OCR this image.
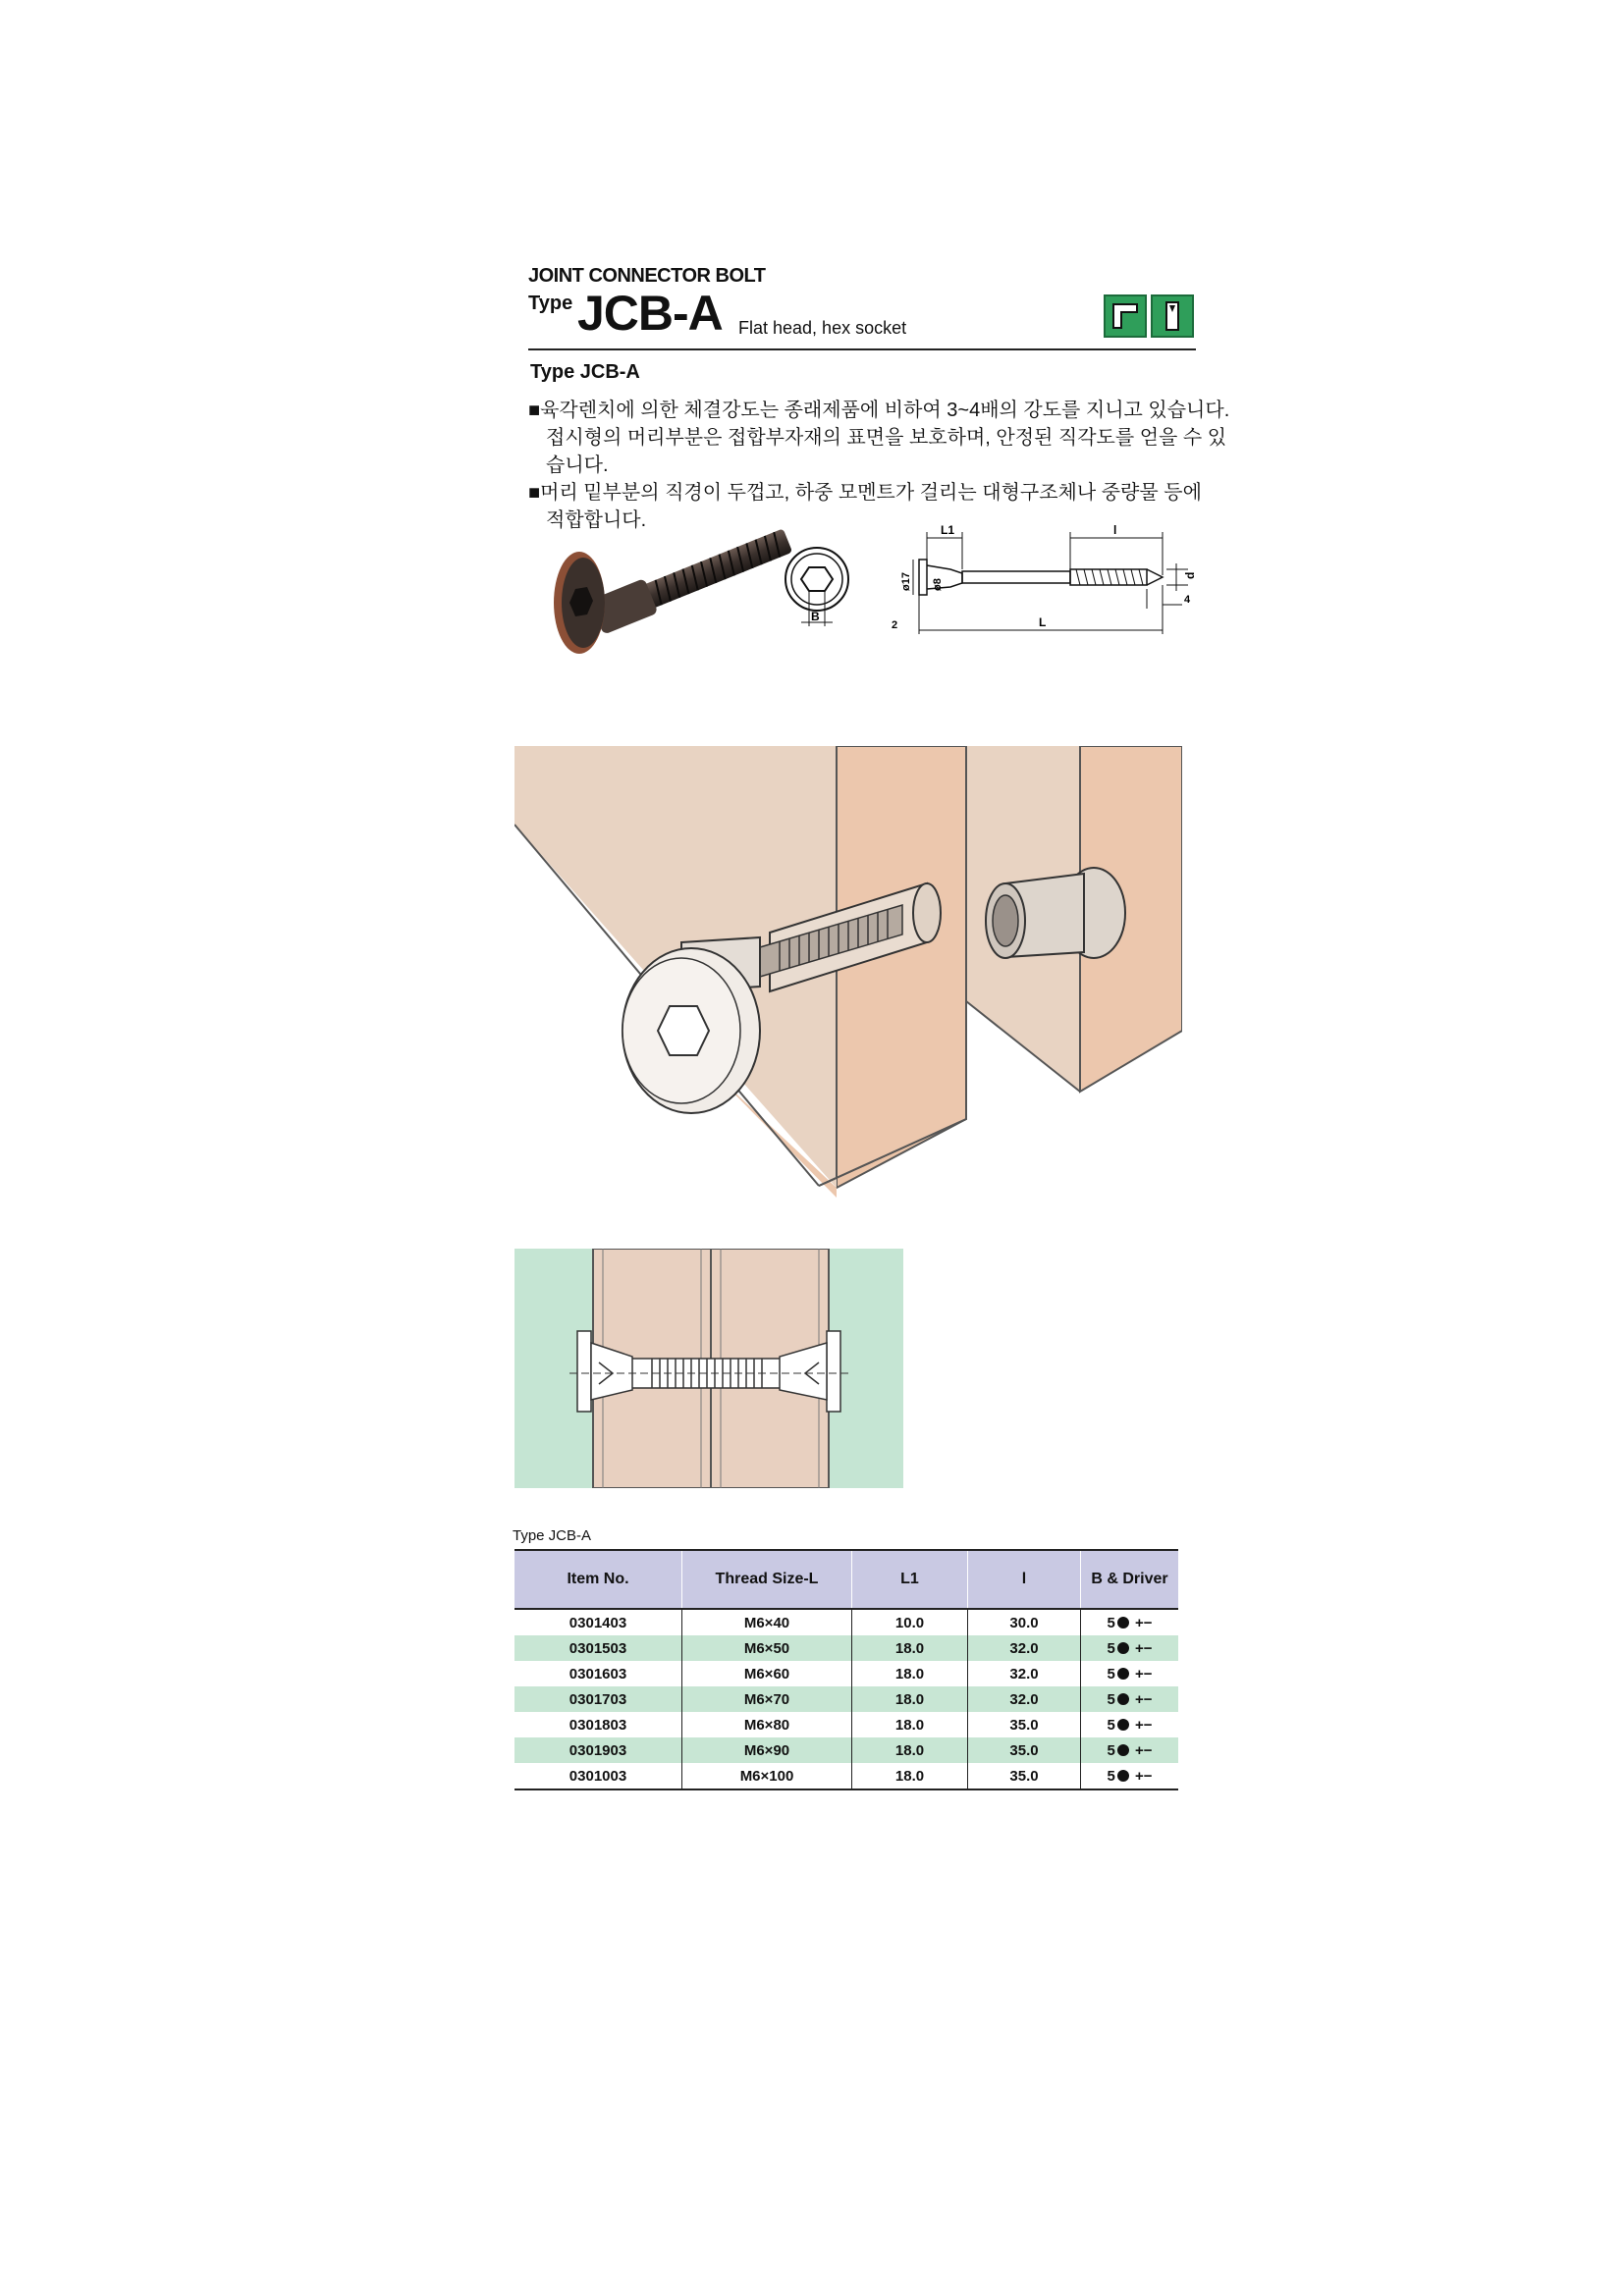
JOINT CONNECTOR BOLT
Type JCB-A Flat head, hex socket
Type JCB-A

■육각렌치에 의한 체결강도는 종래제품에 비하여 3~4배의 강도를 지니고 있습니다.

접시형의 머리부분은 접합부자재의 표면을 보호하며, 안정된 직각도를 얻을 수 있습니다.

■머리 밑부분의 직경이 두껍고, 하중 모멘트가 걸리는 대형구조체나 중량물 등에

적합합니다.

B
L1	l
L
ø17 ø8
d
4
2
Type JCB-A
Item No.	Thread Size-L	L1	l	B & Driver
0301403	M6×40	10.0	30.0	5 +−
0301503	M6×50	18.0	32.0	5 +−
0301603	M6×60	18.0	32.0	5 +−
0301703	M6×70	18.0	32.0	5 +−
0301803	M6×80	18.0	35.0	5 +−
0301903	M6×90	18.0	35.0	5 +−
0301003	M6×100	18.0	35.0	5 +−
